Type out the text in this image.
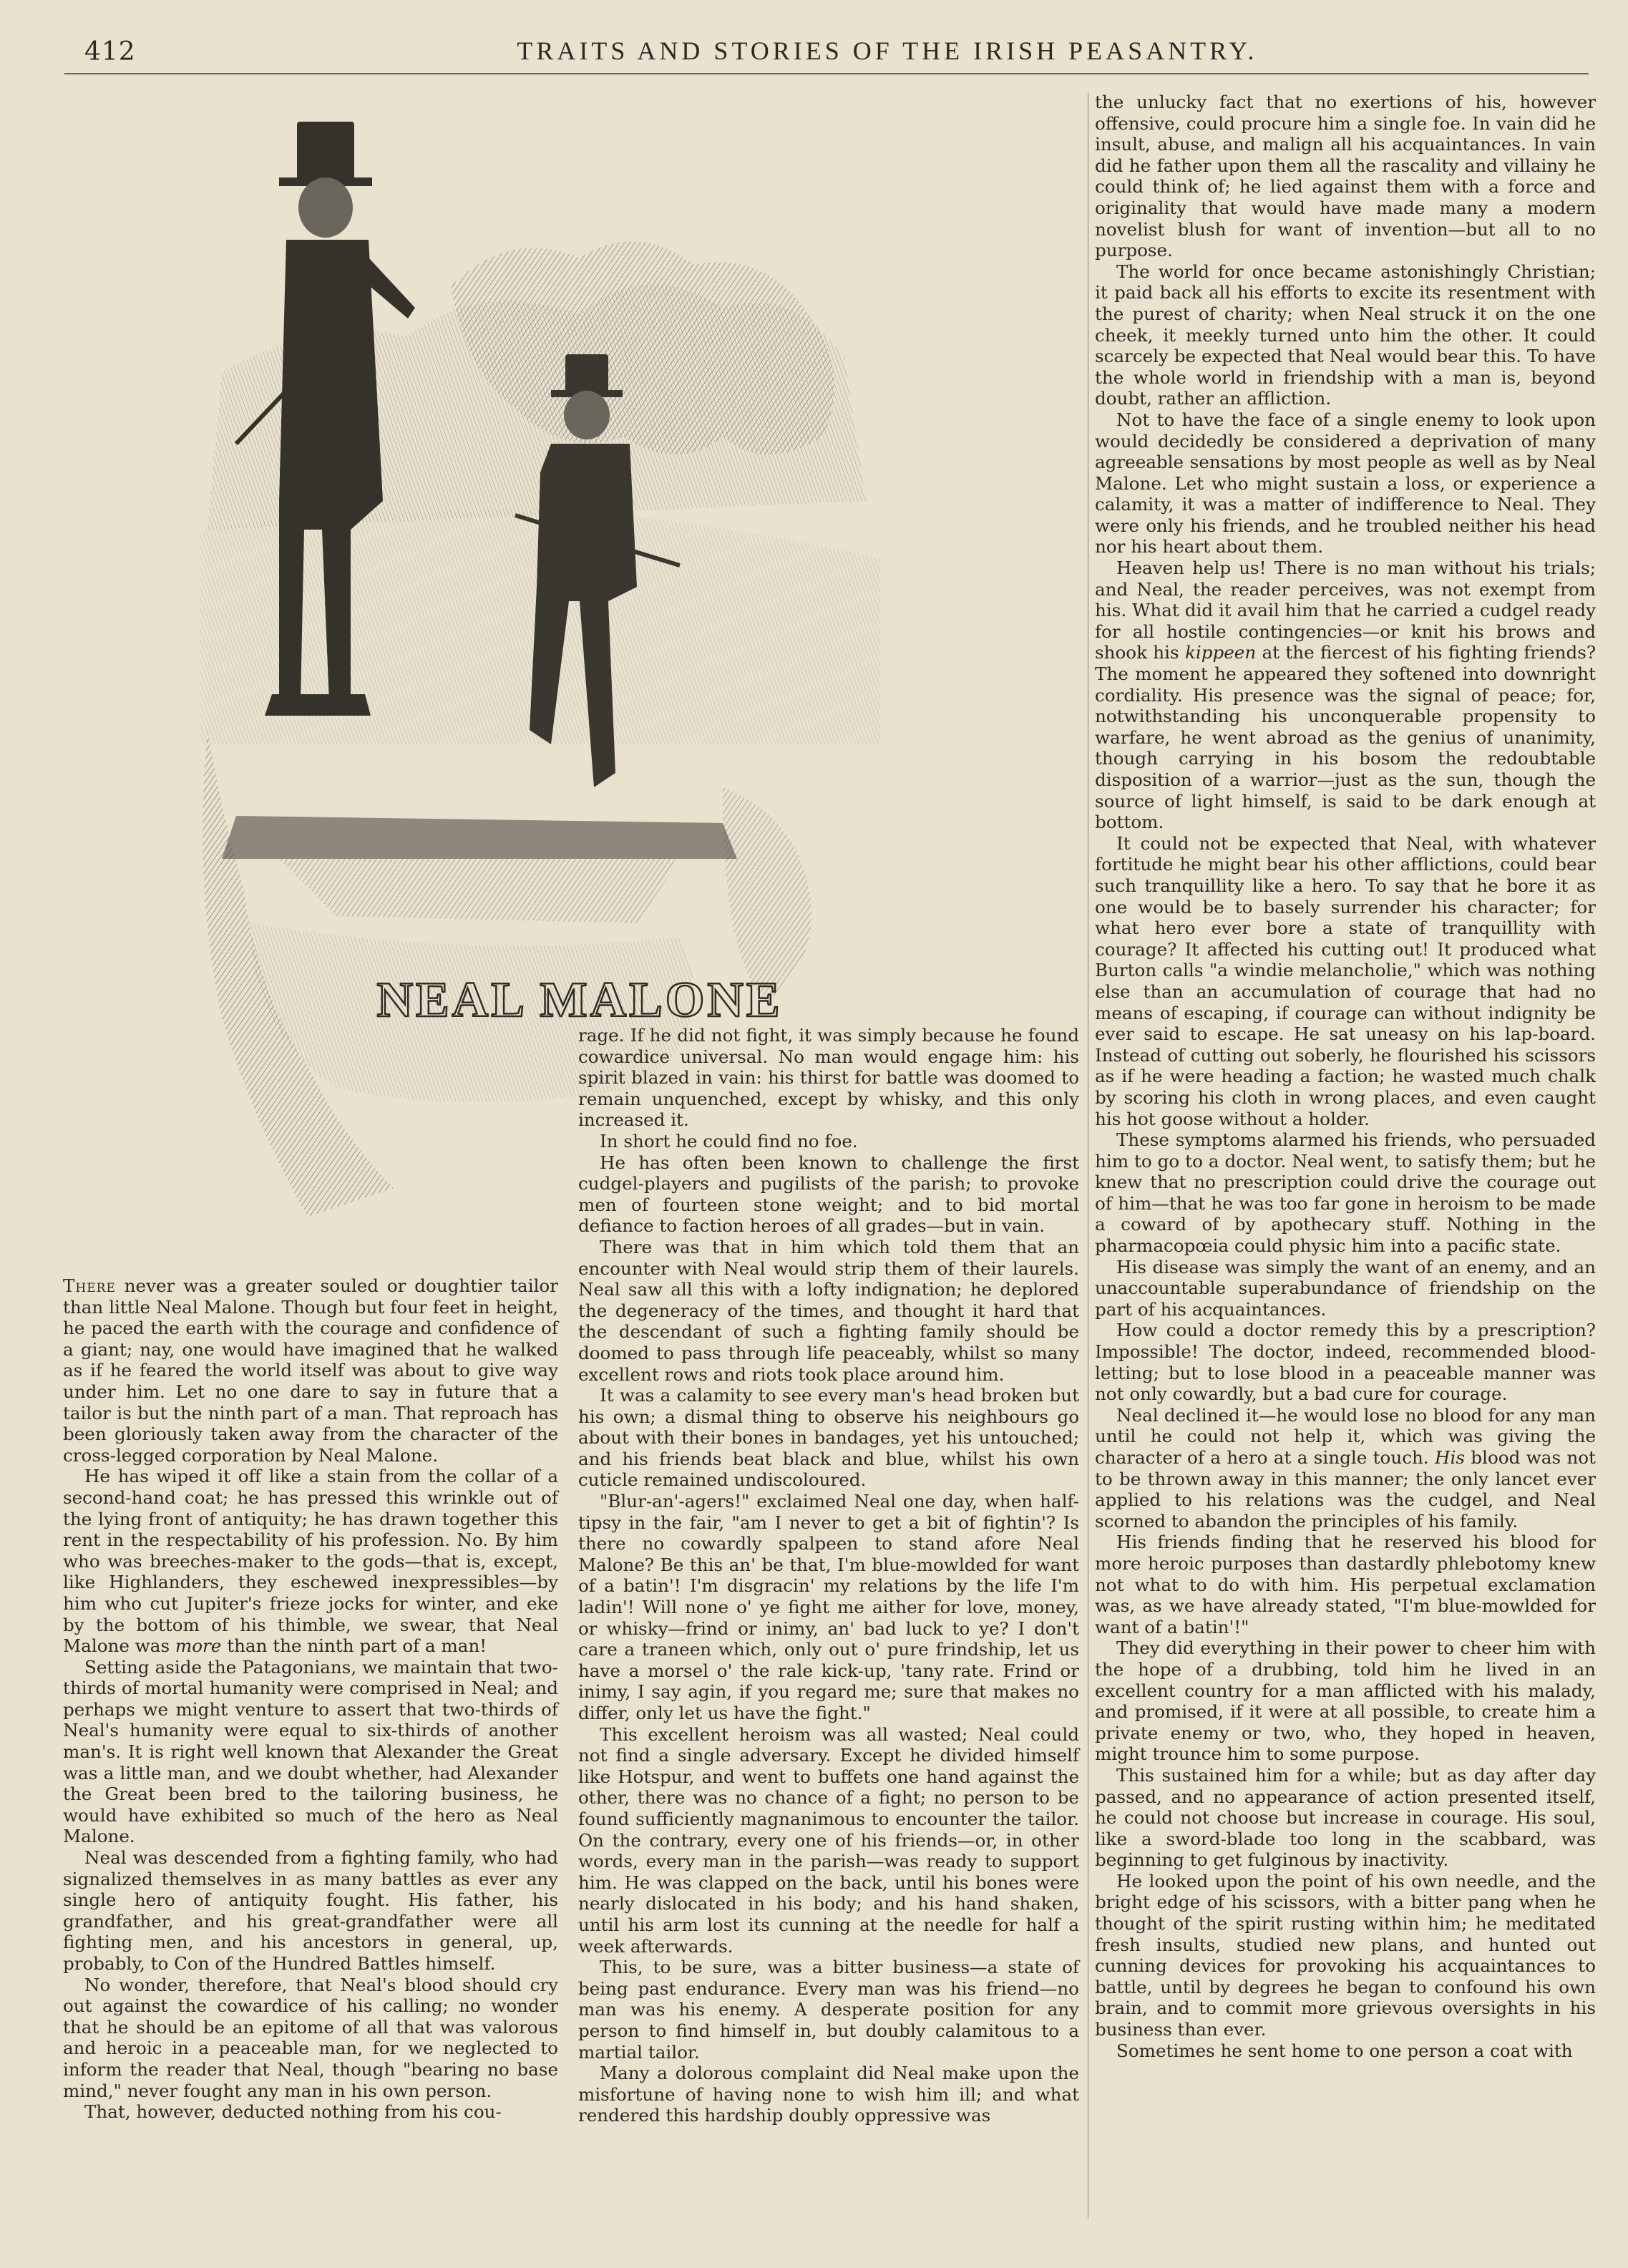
412	TRAITS AND STORIES OF THE IRISH PEASANTRY.
NEAL MALONE

There never was a greater souled or doughtier tailor than little Neal Malone. Though but four feet in height, he paced the earth with the courage and confidence of a giant; nay, one would have imagined that he walked as if he feared the world itself was about to give way under him. Let no one dare to say in future that a tailor is but the ninth part of a man. That reproach has been gloriously taken away from the character of the cross-legged corporation by Neal Malone.

He has wiped it off like a stain from the collar of a second-hand coat; he has pressed this wrinkle out of the lying front of antiquity; he has drawn together this rent in the respectability of his profession. No. By him who was breeches-maker to the gods—that is, except, like Highlanders, they eschewed inexpressibles—by him who cut Jupiter's frieze jocks for winter, and eke by the bottom of his thimble, we swear, that Neal Malone was more than the ninth part of a man!

Setting aside the Patagonians, we maintain that two-thirds of mortal humanity were comprised in Neal; and perhaps we might venture to assert that two-thirds of Neal's humanity were equal to six-thirds of another man's. It is right well known that Alexander the Great was a little man, and we doubt whether, had Alexander the Great been bred to the tailoring business, he would have exhibited so much of the hero as Neal Malone.

Neal was descended from a fighting family, who had signalized themselves in as many battles as ever any single hero of antiquity fought. His father, his grandfather, and his great-grandfather were all fighting men, and his ancestors in general, up, probably, to Con of the Hundred Battles himself.

No wonder, therefore, that Neal's blood should cry out against the cowardice of his calling; no wonder that he should be an epitome of all that was valorous and heroic in a peaceable man, for we neglected to inform the reader that Neal, though "bearing no base mind," never fought any man in his own person.

That, however, deducted nothing from his cou-

rage. If he did not fight, it was simply because he found cowardice universal. No man would engage him: his spirit blazed in vain: his thirst for battle was doomed to remain unquenched, except by whisky, and this only increased it.

In short he could find no foe.

He has often been known to challenge the first cudgel-players and pugilists of the parish; to provoke men of fourteen stone weight; and to bid mortal defiance to faction heroes of all grades—but in vain.

There was that in him which told them that an encounter with Neal would strip them of their laurels. Neal saw all this with a lofty indignation; he deplored the degeneracy of the times, and thought it hard that the descendant of such a fighting family should be doomed to pass through life peaceably, whilst so many excellent rows and riots took place around him.

It was a calamity to see every man's head broken but his own; a dismal thing to observe his neighbours go about with their bones in bandages, yet his untouched; and his friends beat black and blue, whilst his own cuticle remained undiscoloured.

"Blur-an'-agers!" exclaimed Neal one day, when half-tipsy in the fair, "am I never to get a bit of fightin'? Is there no cowardly spalpeen to stand afore Neal Malone? Be this an' be that, I'm blue-mowlded for want of a batin'! I'm disgracin' my relations by the life I'm ladin'! Will none o' ye fight me aither for love, money, or whisky—frind or inimy, an' bad luck to ye? I don't care a traneen which, only out o' pure frindship, let us have a morsel o' the rale kick-up, 'tany rate. Frind or inimy, I say agin, if you regard me; sure that makes no differ, only let us have the fight."

This excellent heroism was all wasted; Neal could not find a single adversary. Except he divided himself like Hotspur, and went to buffets one hand against the other, there was no chance of a fight; no person to be found sufficiently magnanimous to encounter the tailor. On the contrary, every one of his friends—or, in other words, every man in the parish—was ready to support him. He was clapped on the back, until his bones were nearly dislocated in his body; and his hand shaken, until his arm lost its cunning at the needle for half a week afterwards.

This, to be sure, was a bitter business—a state of being past endurance. Every man was his friend—no man was his enemy. A desperate position for any person to find himself in, but doubly calamitous to a martial tailor.

Many a dolorous complaint did Neal make upon the misfortune of having none to wish him ill; and what rendered this hardship doubly oppressive was

the unlucky fact that no exertions of his, however offensive, could procure him a single foe. In vain did he insult, abuse, and malign all his acquaintances. In vain did he father upon them all the rascality and villainy he could think of; he lied against them with a force and originality that would have made many a modern novelist blush for want of invention—but all to no purpose.

The world for once became astonishingly Christian; it paid back all his efforts to excite its resentment with the purest of charity; when Neal struck it on the one cheek, it meekly turned unto him the other. It could scarcely be expected that Neal would bear this. To have the whole world in friendship with a man is, beyond doubt, rather an affliction.

Not to have the face of a single enemy to look upon would decidedly be considered a deprivation of many agreeable sensations by most people as well as by Neal Malone. Let who might sustain a loss, or experience a calamity, it was a matter of indifference to Neal. They were only his friends, and he troubled neither his head nor his heart about them.

Heaven help us! There is no man without his trials; and Neal, the reader perceives, was not exempt from his. What did it avail him that he carried a cudgel ready for all hostile contingencies—or knit his brows and shook his kippeen at the fiercest of his fighting friends? The moment he appeared they softened into downright cordiality. His presence was the signal of peace; for, notwithstanding his unconquerable propensity to warfare, he went abroad as the genius of unanimity, though carrying in his bosom the redoubtable disposition of a warrior—just as the sun, though the source of light himself, is said to be dark enough at bottom.

It could not be expected that Neal, with whatever fortitude he might bear his other afflictions, could bear such tranquillity like a hero. To say that he bore it as one would be to basely surrender his character; for what hero ever bore a state of tranquillity with courage? It affected his cutting out! It produced what Burton calls "a windie melancholie," which was nothing else than an accumulation of courage that had no means of escaping, if courage can without indignity be ever said to escape. He sat uneasy on his lap-board. Instead of cutting out soberly, he flourished his scissors as if he were heading a faction; he wasted much chalk by scoring his cloth in wrong places, and even caught his hot goose without a holder.

These symptoms alarmed his friends, who persuaded him to go to a doctor. Neal went, to satisfy them; but he knew that no prescription could drive the courage out of him—that he was too far gone in heroism to be made a coward of by apothecary stuff. Nothing in the pharmacopœia could physic him into a pacific state.

His disease was simply the want of an enemy, and an unaccountable superabundance of friendship on the part of his acquaintances.

How could a doctor remedy this by a prescription? Impossible! The doctor, indeed, recommended blood-letting; but to lose blood in a peaceable manner was not only cowardly, but a bad cure for courage.

Neal declined it—he would lose no blood for any man until he could not help it, which was giving the character of a hero at a single touch. His blood was not to be thrown away in this manner; the only lancet ever applied to his relations was the cudgel, and Neal scorned to abandon the principles of his family.

His friends finding that he reserved his blood for more heroic purposes than dastardly phlebotomy knew not what to do with him. His perpetual exclamation was, as we have already stated, "I'm blue-mowlded for want of a batin'!"

They did everything in their power to cheer him with the hope of a drubbing, told him he lived in an excellent country for a man afflicted with his malady, and promised, if it were at all possible, to create him a private enemy or two, who, they hoped in heaven, might trounce him to some purpose.

This sustained him for a while; but as day after day passed, and no appearance of action presented itself, he could not choose but increase in courage. His soul, like a sword-blade too long in the scabbard, was beginning to get fulginous by inactivity.

He looked upon the point of his own needle, and the bright edge of his scissors, with a bitter pang when he thought of the spirit rusting within him; he meditated fresh insults, studied new plans, and hunted out cunning devices for provoking his acquaintances to battle, until by degrees he began to confound his own brain, and to commit more grievous oversights in his business than ever.

Sometimes he sent home to one person a coat with
